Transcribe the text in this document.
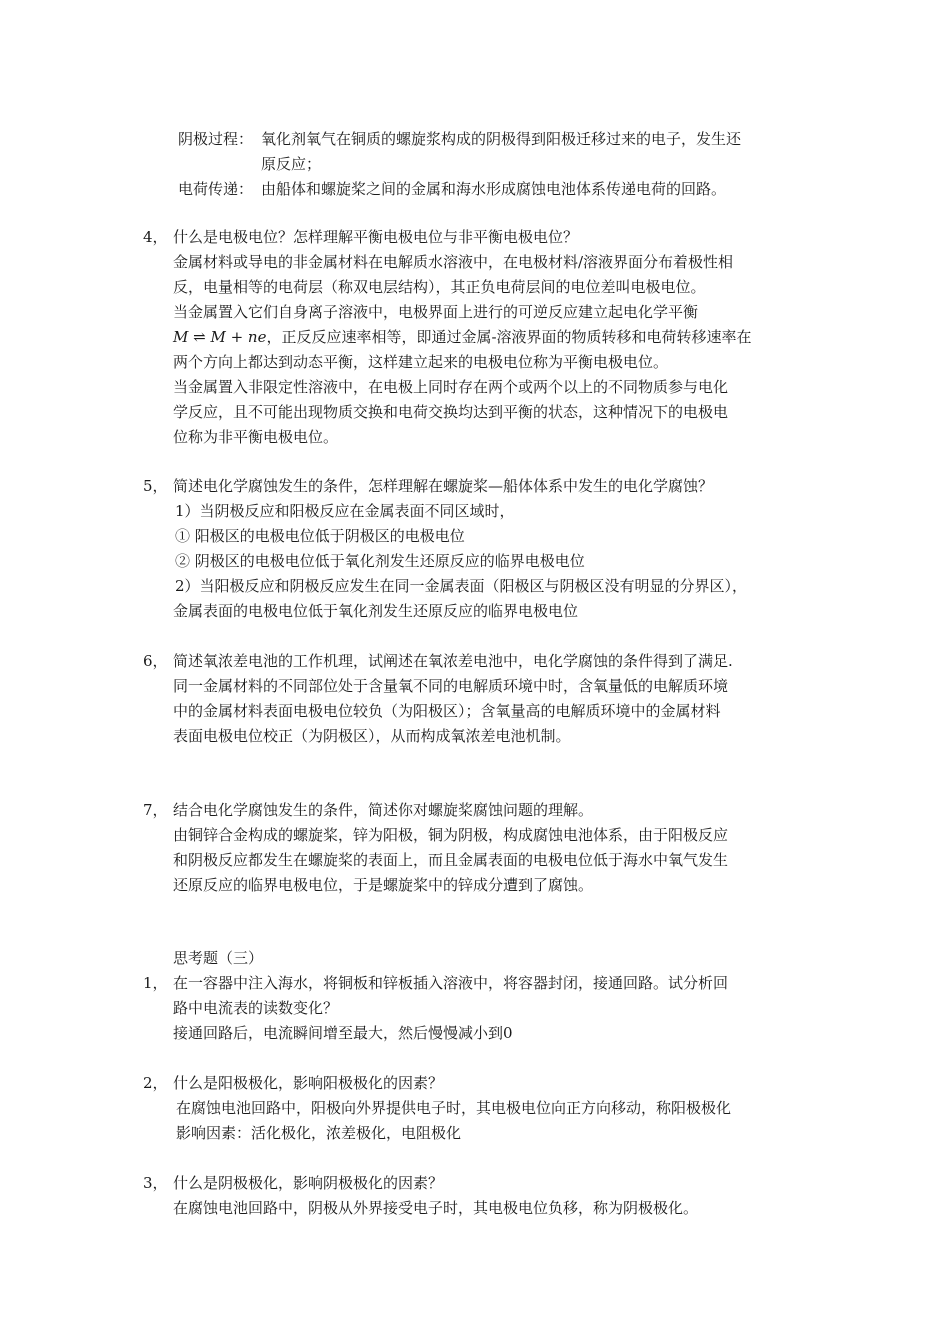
阴极过程： 氧化剂氧气在铜质的螺旋浆构成的阴极得到阳极迁移过来的电子，发生还
原反应；
电荷传递： 由船体和螺旋桨之间的金属和海水形成腐蚀电池体系传递电荷的回路。
4， 什么是电极电位？怎样理解平衡电极电位与非平衡电极电位？
金属材料或导电的非金属材料在电解质水溶液中，在电极材料/溶液界面分布着极性相
反，电量相等的电荷层（称双电层结构），其正负电荷层间的电位差叫电极电位。
当金属置入它们自身离子溶液中，电极界面上进行的可逆反应建立起电化学平衡
M ⇌ M + ne，正反反应速率相等，即通过金属-溶液界面的物质转移和电荷转移速率在
两个方向上都达到动态平衡，这样建立起来的电极电位称为平衡电极电位。
当金属置入非限定性溶液中，在电极上同时存在两个或两个以上的不同物质参与电化
学反应，且不可能出现物质交换和电荷交换均达到平衡的状态，这种情况下的电极电
位称为非平衡电极电位。
5， 简述电化学腐蚀发生的条件，怎样理解在螺旋桨—船体体系中发生的电化学腐蚀？
1）当阴极反应和阳极反应在金属表面不同区域时，
① 阳极区的电极电位低于阴极区的电极电位
② 阴极区的电极电位低于氧化剂发生还原反应的临界电极电位
2）当阳极反应和阴极反应发生在同一金属表面（阳极区与阴极区没有明显的分界区），
金属表面的电极电位低于氧化剂发生还原反应的临界电极电位
6， 简述氧浓差电池的工作机理，试阐述在氧浓差电池中，电化学腐蚀的条件得到了满足.
同一金属材料的不同部位处于含量氧不同的电解质环境中时，含氧量低的电解质环境
中的金属材料表面电极电位较负（为阳极区）；含氧量高的电解质环境中的金属材料
表面电极电位校正（为阴极区），从而构成氧浓差电池机制。
7， 结合电化学腐蚀发生的条件，简述你对螺旋桨腐蚀问题的理解。
由铜锌合金构成的螺旋桨，锌为阳极，铜为阴极，构成腐蚀电池体系，由于阳极反应
和阴极反应都发生在螺旋桨的表面上，而且金属表面的电极电位低于海水中氧气发生
还原反应的临界电极电位，于是螺旋桨中的锌成分遭到了腐蚀。
思考题（三）
1， 在一容器中注入海水，将铜板和锌板插入溶液中，将容器封闭，接通回路。试分析回
路中电流表的读数变化？
接通回路后，电流瞬间增至最大，然后慢慢减小到0
2， 什么是阳极极化，影响阳极极化的因素？
在腐蚀电池回路中，阳极向外界提供电子时，其电极电位向正方向移动，称阳极极化
影响因素：活化极化，浓差极化，电阻极化
3， 什么是阴极极化，影响阴极极化的因素？
在腐蚀电池回路中，阴极从外界接受电子时，其电极电位负移，称为阴极极化。
